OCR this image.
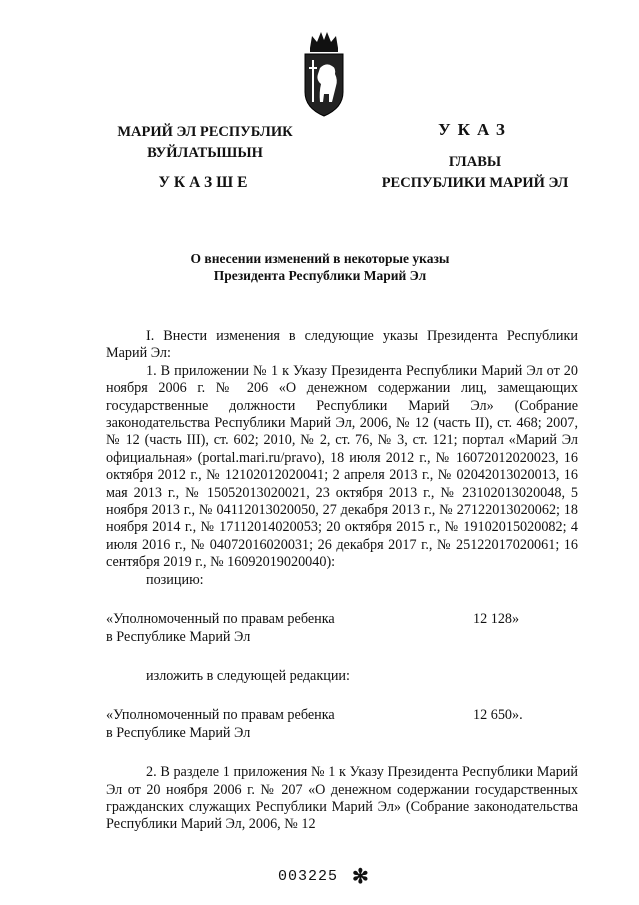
МАРИЙ ЭЛ РЕСПУБЛИК
ВУЙЛАТЫШЫН
УКАЗШЕ
УКАЗ
ГЛАВЫ
РЕСПУБЛИКИ МАРИЙ ЭЛ
О внесении изменений в некоторые указы
Президента Республики Марий Эл

I. Внести изменения в следующие указы Президента Республики Марий Эл:

1. В приложении № 1 к Указу Президента Республики Марий Эл от 20 ноября 2006 г. № 206 «О денежном содержании лиц, замещающих государственные должности Республики Марий Эл» (Собрание законодательства Республики Марий Эл, 2006, № 12 (часть II), ст. 468; 2007, № 12 (часть III), ст. 602; 2010, № 2, ст. 76, № 3, ст. 121; портал «Марий Эл официальная» (portal.mari.ru/pravo), 18 июля 2012 г., № 16072012020023, 16 октября 2012 г., № 12102012020041; 2 апреля 2013 г., № 02042013020013, 16 мая 2013 г., № 15052013020021, 23 октября 2013 г., № 23102013020048, 5 ноября 2013 г., № 04112013020050, 27 декабря 2013 г., № 27122013020062; 18 ноября 2014 г., № 17112014020053; 20 октября 2015 г., № 19102015020082; 4 июля 2016 г., № 04072016020031; 26 декабря 2017 г., № 25122017020061; 16 сентября 2019 г., № 16092019020040):

позицию:

«Уполномоченный по правам ребенка
в Республике Марий Эл
12 128»

изложить в следующей редакции:

«Уполномоченный по правам ребенка
в Республике Марий Эл
12 650».

2. В разделе 1 приложения № 1 к Указу Президента Республики Марий Эл от 20 ноября 2006 г. № 207 «О денежном содержании государственных гражданских служащих Республики Марий Эл» (Собрание законодательства Республики Марий Эл, 2006, № 12

003225 ✻
